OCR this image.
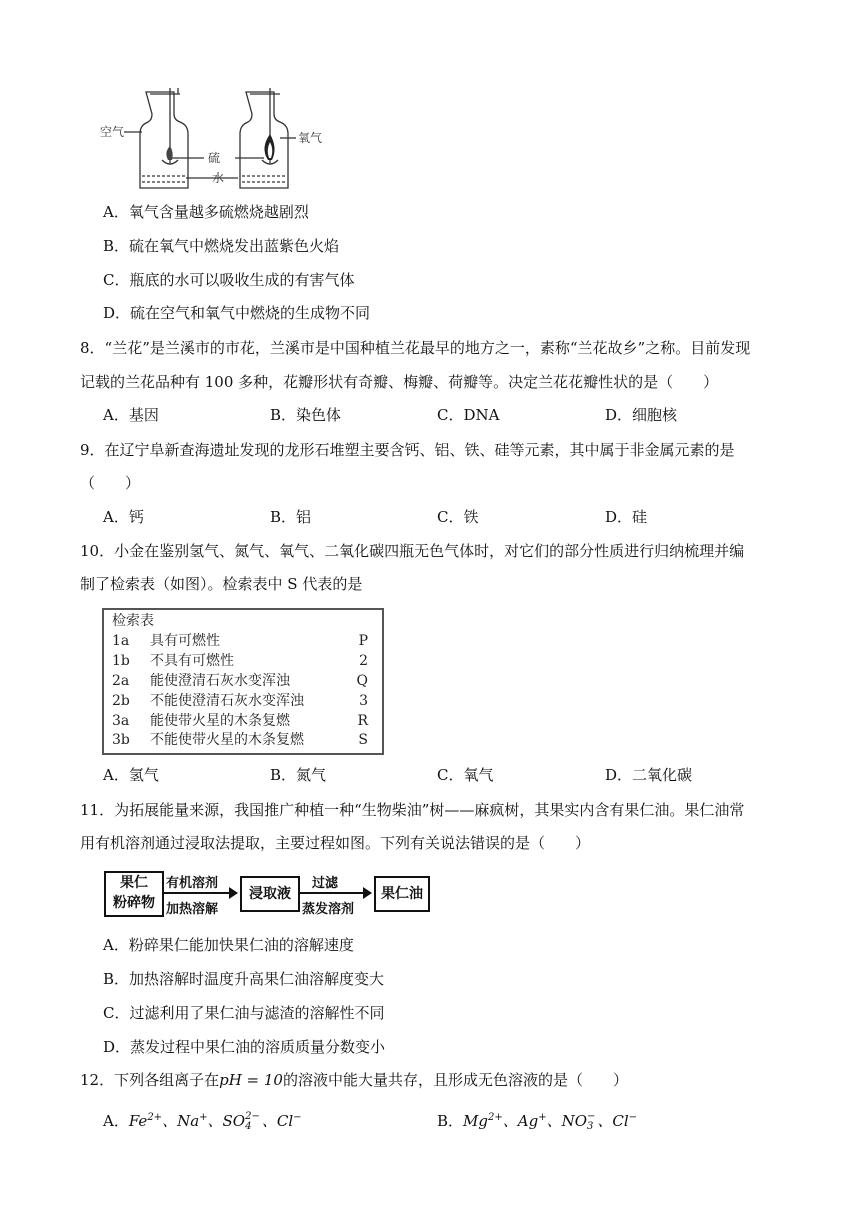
空气
硫
氧气
水
A．氧气含量越多硫燃烧越剧烈
B．硫在氧气中燃烧发出蓝紫色火焰
C．瓶底的水可以吸收生成的有害气体
D．硫在空气和氧气中燃烧的生成物不同
8．“兰花”是兰溪市的市花，兰溪市是中国种植兰花最早的地方之一，素称“兰花故乡”之称。目前发现
记载的兰花品种有 100 多种，花瓣形状有奇瓣、梅瓣、荷瓣等。决定兰花花瓣性状的是（　　）
A．基因	B．染色体	C．DNA	D．细胞核
9．在辽宁阜新查海遗址发现的龙形石堆塑主要含钙、铝、铁、硅等元素，其中属于非金属元素的是
（　　）
A．钙	B．铝	C．铁	D．硅
10．小金在鉴别氢气、氮气、氧气、二氧化碳四瓶无色气体时，对它们的部分性质进行归纳梳理并编
制了检索表（如图）。检索表中 S 代表的是
检索表
1a 具有可燃性	P
1b 不具有可燃性	2
2a 能使澄清石灰水变浑浊	Q
2b 不能使澄清石灰水变浑浊	3
3a 能使带火星的木条复燃	R
3b 不能使带火星的木条复燃	S
A．氢气	B．氮气	C．氧气	D．二氧化碳
11．为拓展能量来源，我国推广种植一种“生物柴油”树——麻疯树，其果实内含有果仁油。果仁油常
用有机溶剂通过浸取法提取，主要过程如图。下列有关说法错误的是（　　）
果仁
粉碎物
有机溶剂
加热溶解
浸取液
过滤
蒸发溶剂
果仁油
A．粉碎果仁能加快果仁油的溶解速度
B．加热溶解时温度升高果仁油溶解度变大
C．过滤利用了果仁油与滤渣的溶解性不同
D．蒸发过程中果仁油的溶质质量分数变小
12．下列各组离子在pH = 10的溶液中能大量共存，且形成无色溶液的是（　　）
A．$Fe^{2+}$、Na+、SO 2−
4 、Cl−	B．$Mg^{2+}$、Ag+、NO −
3 、Cl−
